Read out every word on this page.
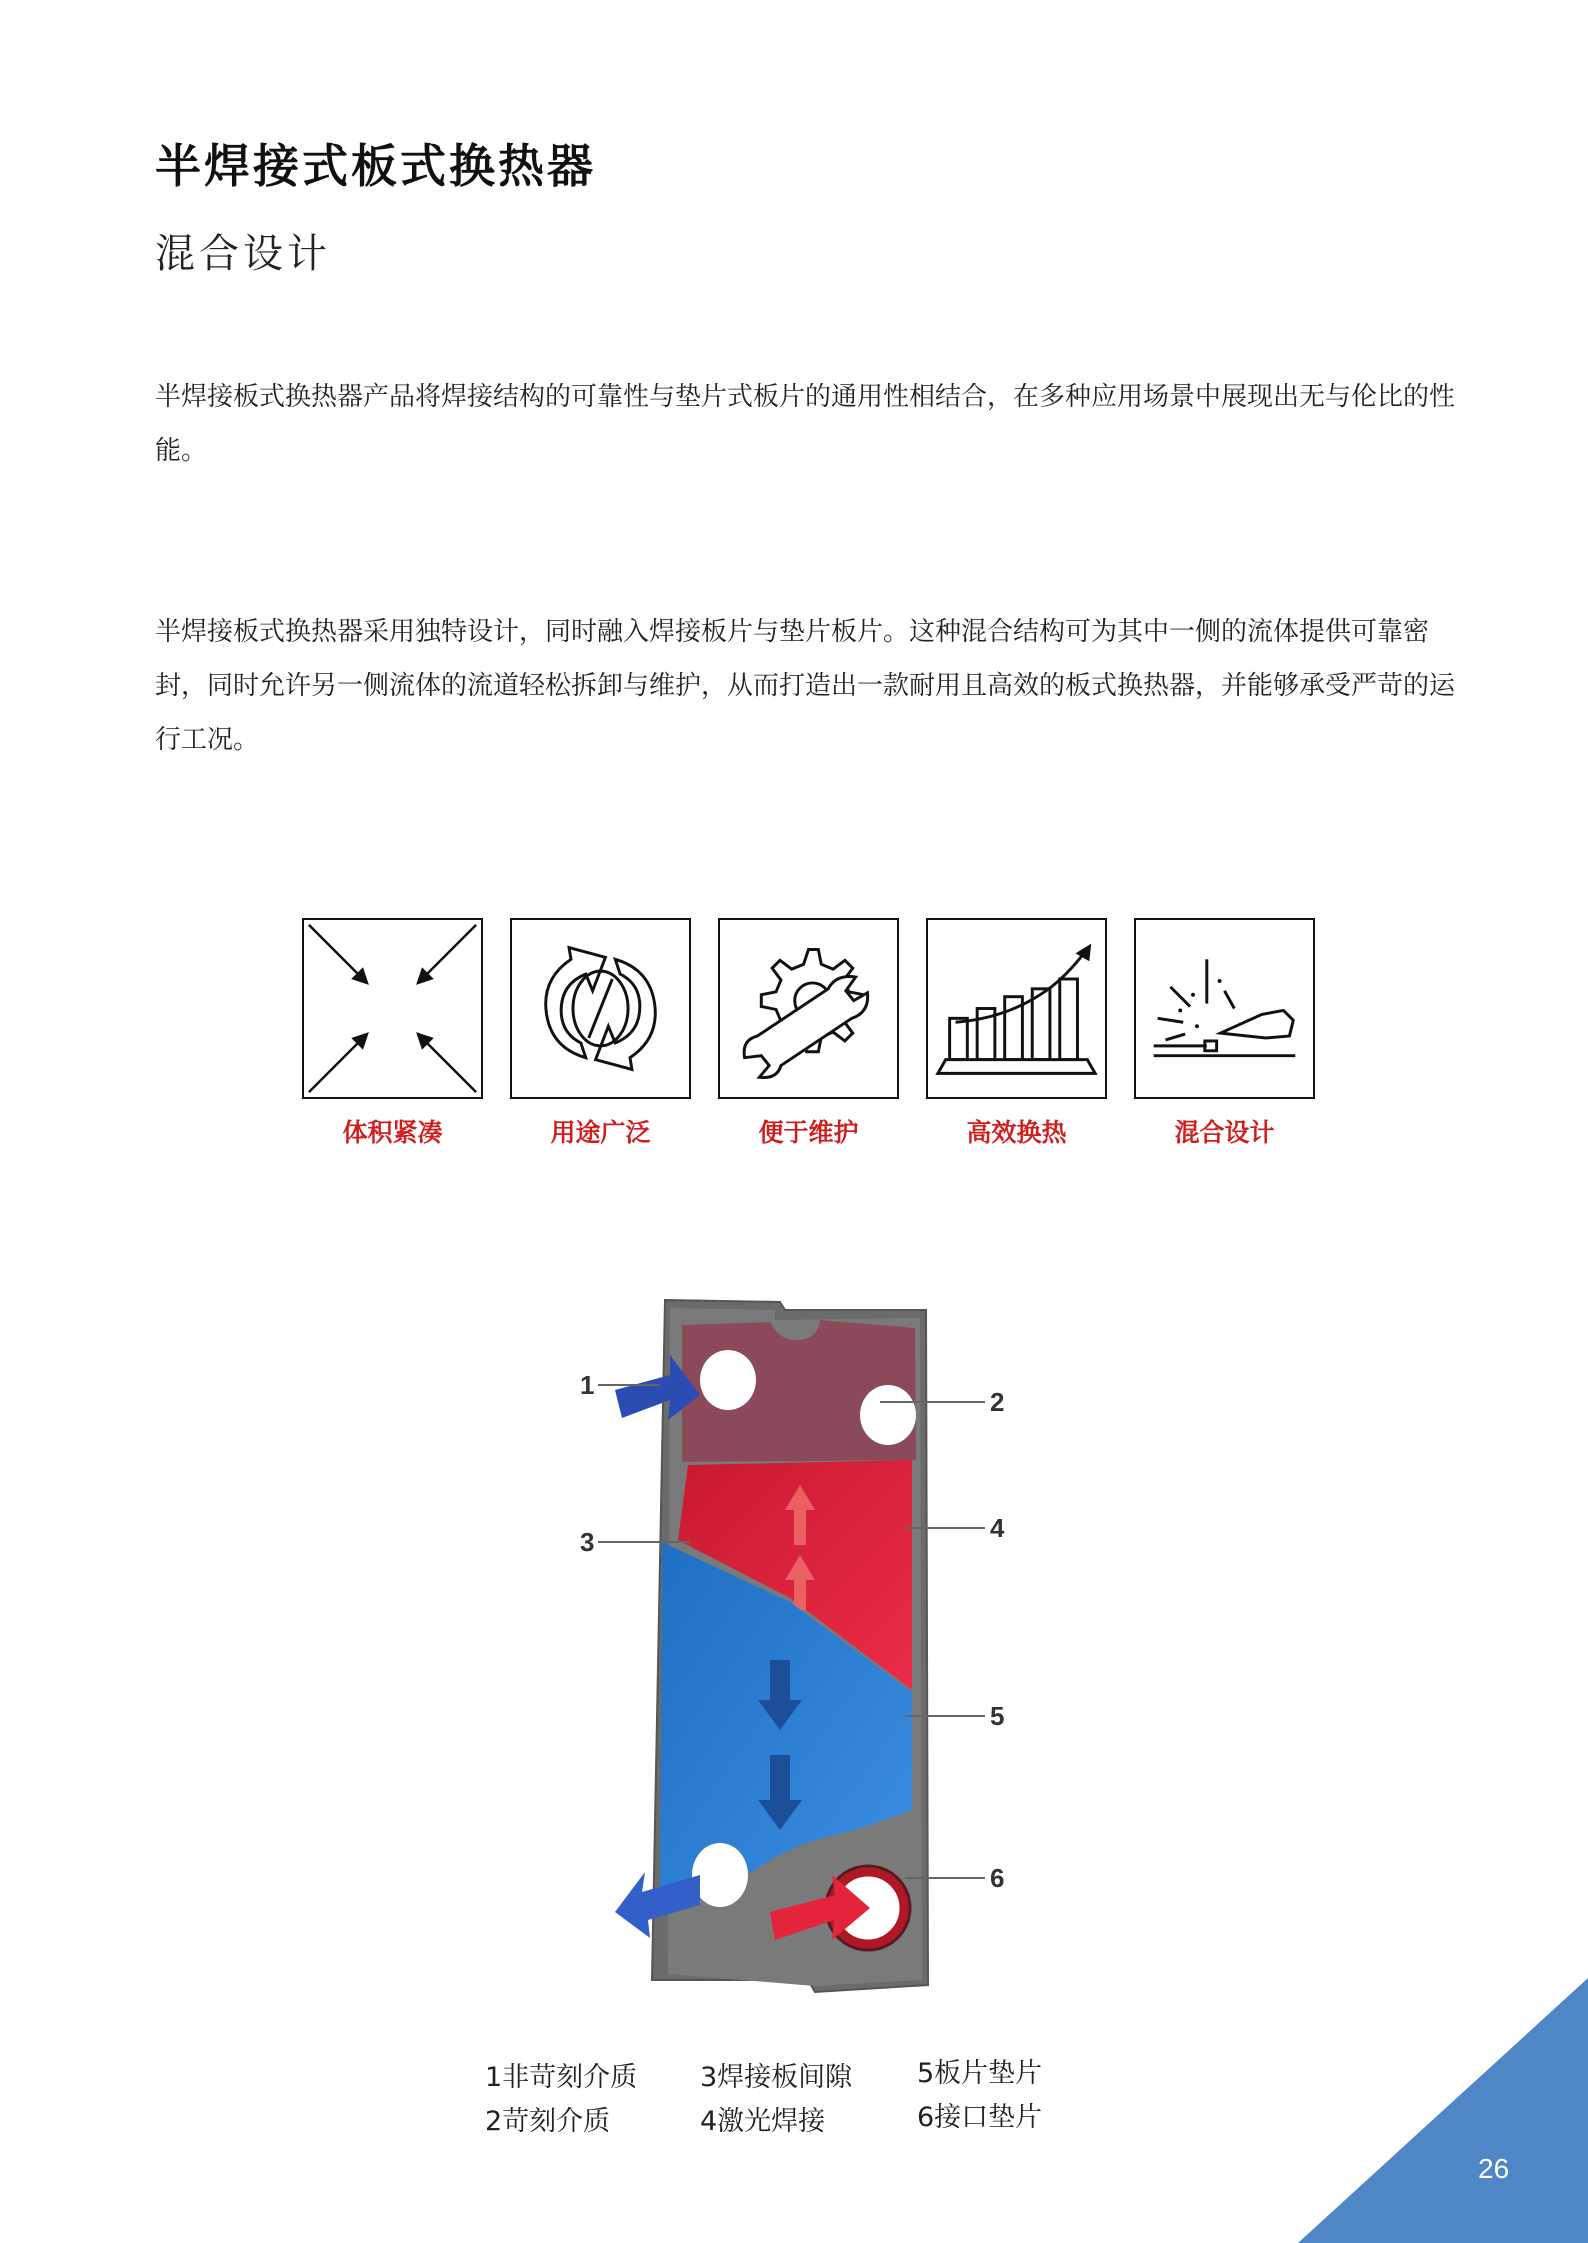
半焊接式板式换热器
混合设计

半焊接板式换热器产品将焊接结构的可靠性与垫片式板片的通用性相结合，在多种应用场景中展现出无与伦比的性能。

半焊接板式换热器采用独特设计，同时融入焊接板片与垫片板片。这种混合结构可为其中一侧的流体提供可靠密封，同时允许另一侧流体的流道轻松拆卸与维护，从而打造出一款耐用且高效的板式换热器，并能够承受严苛的运行工况。

体积紧凑	用途广泛	便于维护	高效换热	混合设计
1
2
3	4
5
6
1非苛刻介质
2苛刻介质
3焊接板间隙
4激光焊接
5板片垫片
6接口垫片
26
